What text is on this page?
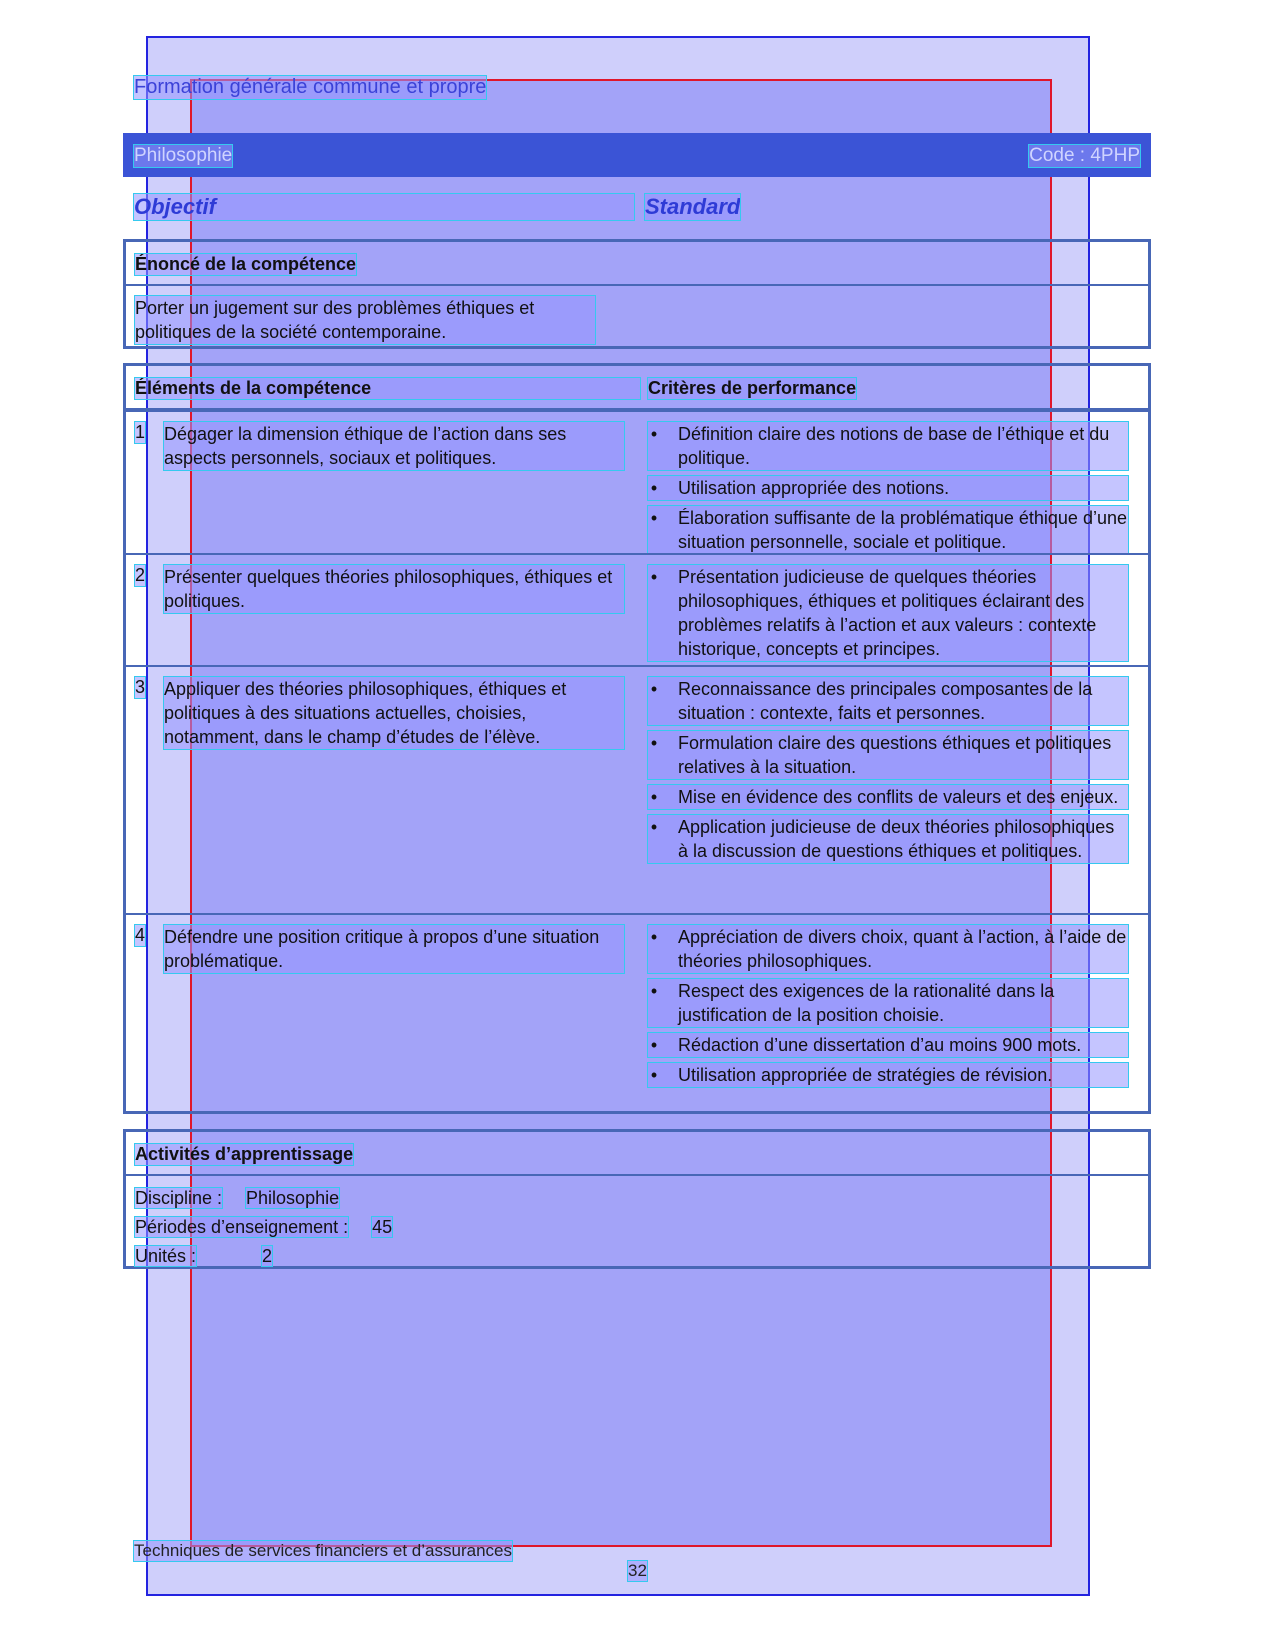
Formation générale commune et propre
Philosophie	Code : 4PHP
Objectif	Standard
Énoncé de la compétence
Porter un jugement sur des problèmes éthiques et politiques de la société contemporaine.
Éléments de la compétence	Critères de performance
1 Dégager la dimension éthique de l’action dans ses aspects personnels, sociaux et politiques.
• Définition claire des notions de base de l’éthique et du politique.
• Utilisation appropriée des notions.
• Élaboration suffisante de la problématique éthique d’une situation personnelle, sociale et politique.
2 Présenter quelques théories philosophiques, éthiques et politiques.
• Présentation judicieuse de quelques théories philosophiques, éthiques et politiques éclairant des problèmes relatifs à l’action et aux valeurs : contexte historique, concepts et principes.
3 Appliquer des théories philosophiques, éthiques et politiques à des situations actuelles, choisies, notamment, dans le champ d’études de l’élève.
• Reconnaissance des principales composantes de la situation : contexte, faits et personnes.
• Formulation claire des questions éthiques et politiques relatives à la situation.
• Mise en évidence des conflits de valeurs et des enjeux.
• Application judicieuse de deux théories philosophiques à la discussion de questions éthiques et politiques.
4 Défendre une position critique à propos d’une situation problématique.
• Appréciation de divers choix, quant à l’action, à l’aide de théories philosophiques.
• Respect des exigences de la rationalité dans la justification de la position choisie.
• Rédaction d’une dissertation d’au moins 900 mots.
• Utilisation appropriée de stratégies de révision.
Activités d’apprentissage
Discipline : Philosophie
Périodes d’enseignement : 45
Unités :	2
Techniques de services financiers et d’assurances
32
